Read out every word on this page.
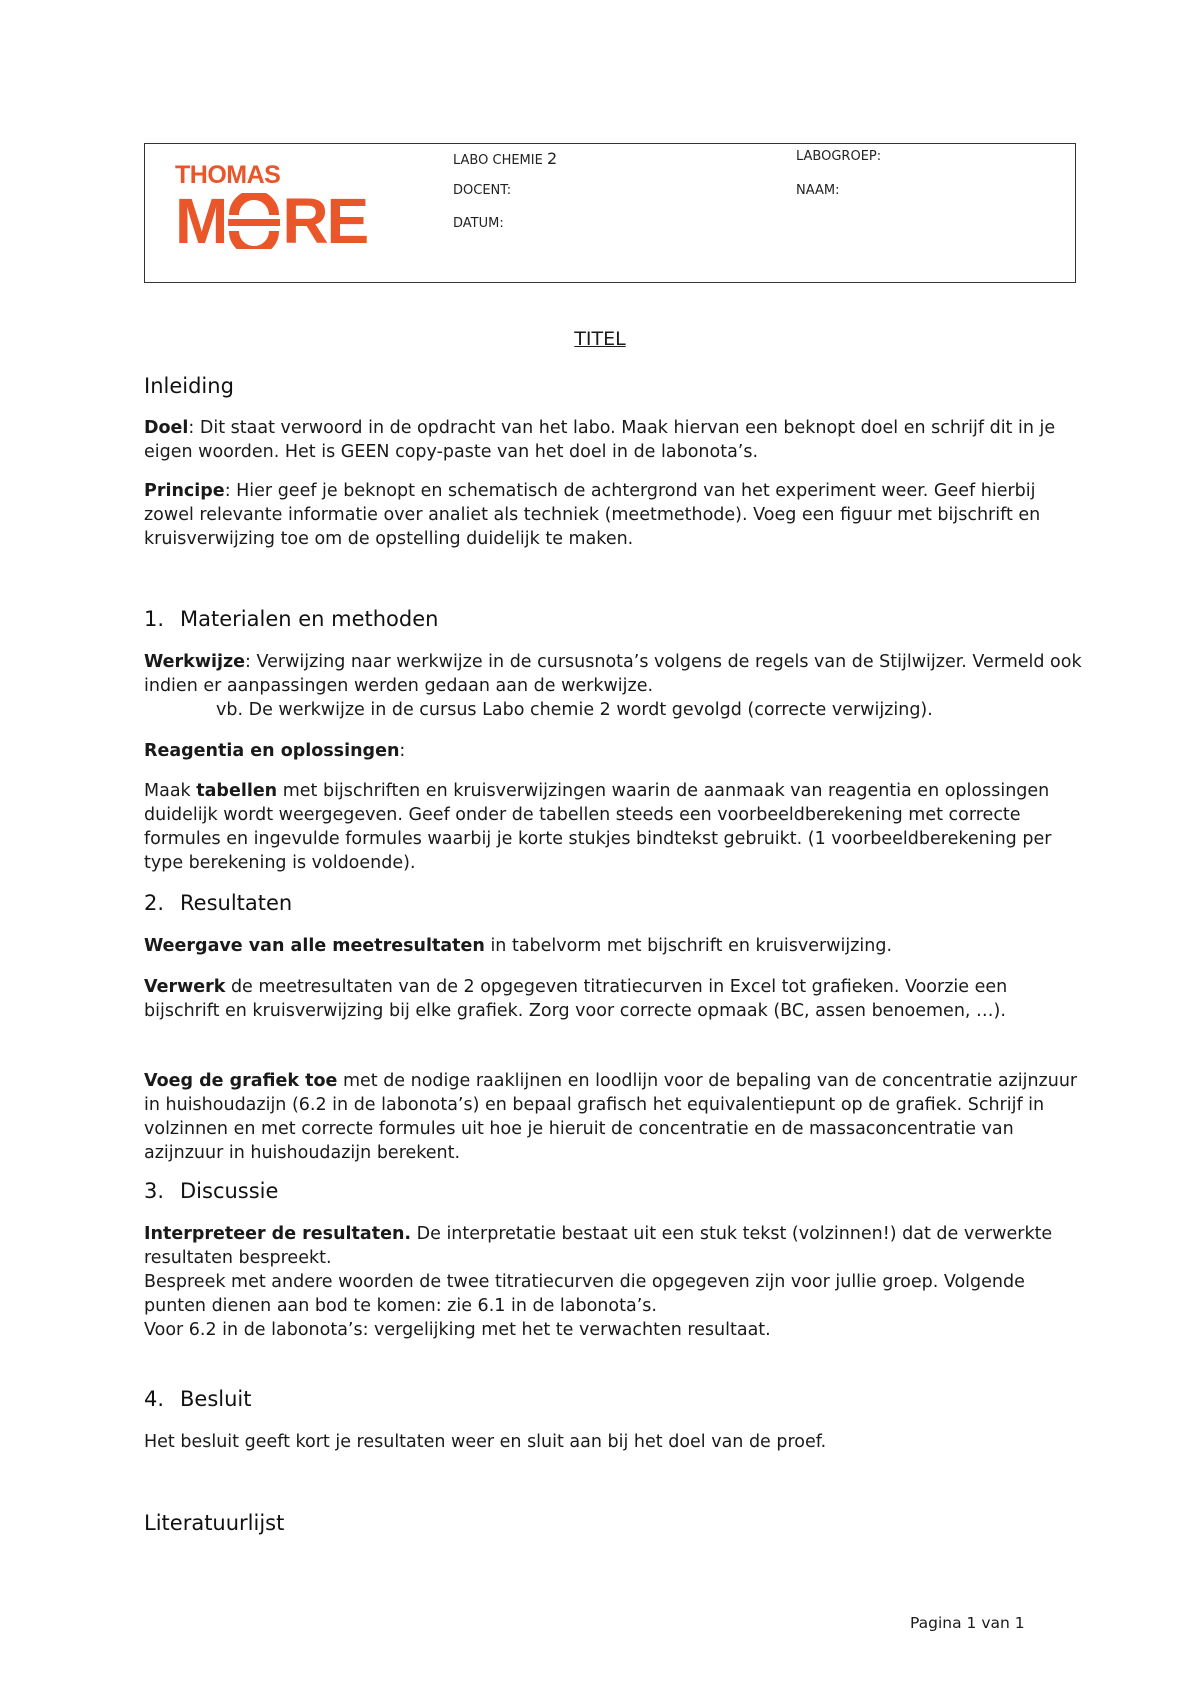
THOMAS
M RE
LABO CHEMIE 2
DOCENT:
DATUM:
LABOGROEP:
NAAM:
TITEL
Inleiding

Doel: Dit staat verwoord in de opdracht van het labo. Maak hiervan een beknopt doel en schrijf dit in je eigen woorden. Het is GEEN copy-paste van het doel in de labonota’s.

Principe: Hier geef je beknopt en schematisch de achtergrond van het experiment weer. Geef hierbij zowel relevante informatie over analiet als techniek (meetmethode). Voeg een figuur met bijschrift en kruisverwijzing toe om de opstelling duidelijk te maken.

1. Materialen en methoden

Werkwijze: Verwijzing naar werkwijze in de cursusnota’s volgens de regels van de Stijlwijzer. Vermeld ook indien er aanpassingen werden gedaan aan de werkwijze.

vb. De werkwijze in de cursus Labo chemie 2 wordt gevolgd (correcte verwijzing).

Reagentia en oplossingen:

Maak tabellen met bijschriften en kruisverwijzingen waarin de aanmaak van reagentia en oplossingen duidelijk wordt weergegeven. Geef onder de tabellen steeds een voorbeeldberekening met correcte formules en ingevulde formules waarbij je korte stukjes bindtekst gebruikt. (1 voorbeeldberekening per type berekening is voldoende).

2. Resultaten

Weergave van alle meetresultaten in tabelvorm met bijschrift en kruisverwijzing.

Verwerk de meetresultaten van de 2 opgegeven titratiecurven in Excel tot grafieken. Voorzie een bijschrift en kruisverwijzing bij elke grafiek. Zorg voor correcte opmaak (BC, assen benoemen, …).

Voeg de grafiek toe met de nodige raaklijnen en loodlijn voor de bepaling van de concentratie azijnzuur in huishoudazijn (6.2 in de labonota’s) en bepaal grafisch het equivalentiepunt op de grafiek. Schrijf in volzinnen en met correcte formules uit hoe je hieruit de concentratie en de massaconcentratie van azijnzuur in huishoudazijn berekent.

3. Discussie

Interpreteer de resultaten. De interpretatie bestaat uit een stuk tekst (volzinnen!) dat de verwerkte resultaten bespreekt.

Bespreek met andere woorden de twee titratiecurven die opgegeven zijn voor jullie groep. Volgende punten dienen aan bod te komen: zie 6.1 in de labonota’s.

Voor 6.2 in de labonota’s: vergelijking met het te verwachten resultaat.

4. Besluit

Het besluit geeft kort je resultaten weer en sluit aan bij het doel van de proef.

Literatuurlijst
Pagina 1 van 1
